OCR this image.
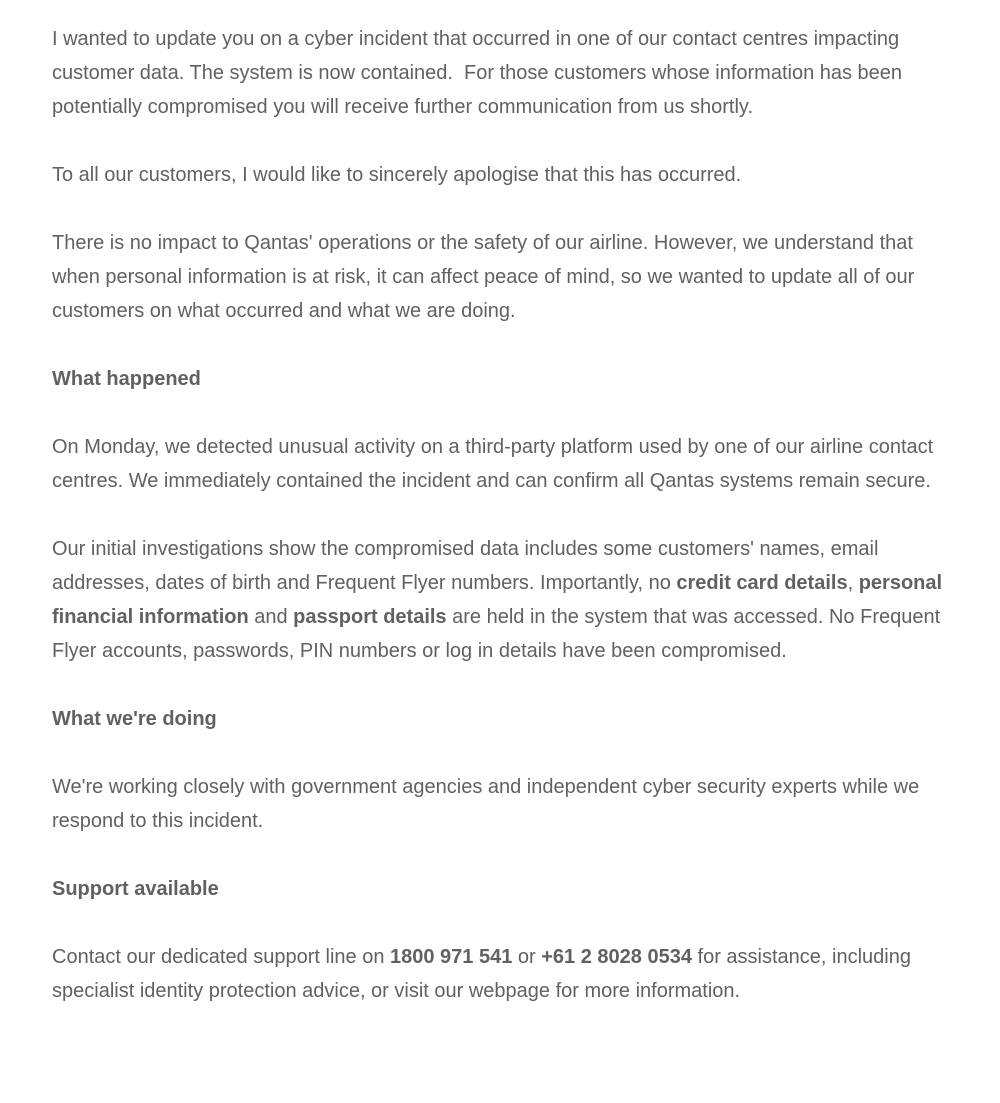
I wanted to update you on a cyber incident that occurred in one of our contact centres impacting customer data. The system is now contained.  For those customers whose information has been potentially compromised you will receive further communication from us shortly.

To all our customers, I would like to sincerely apologise that this has occurred.

There is no impact to Qantas' operations or the safety of our airline. However, we understand that when personal information is at risk, it can affect peace of mind, so we wanted to update all of our customers on what occurred and what we are doing.

What happened

On Monday, we detected unusual activity on a third-party platform used by one of our airline contact centres. We immediately contained the incident and can confirm all Qantas systems remain secure.

Our initial investigations show the compromised data includes some customers' names, email addresses, dates of birth and Frequent Flyer numbers. Importantly, no credit card details, personal financial information and passport details are held in the system that was accessed. No Frequent Flyer accounts, passwords, PIN numbers or log in details have been compromised.

What we're doing

We're working closely with government agencies and independent cyber security experts while we respond to this incident.

Support available

Contact our dedicated support line on 1800 971 541 or +61 2 8028 0534 for assistance, including specialist identity protection advice, or visit our webpage for more information.
